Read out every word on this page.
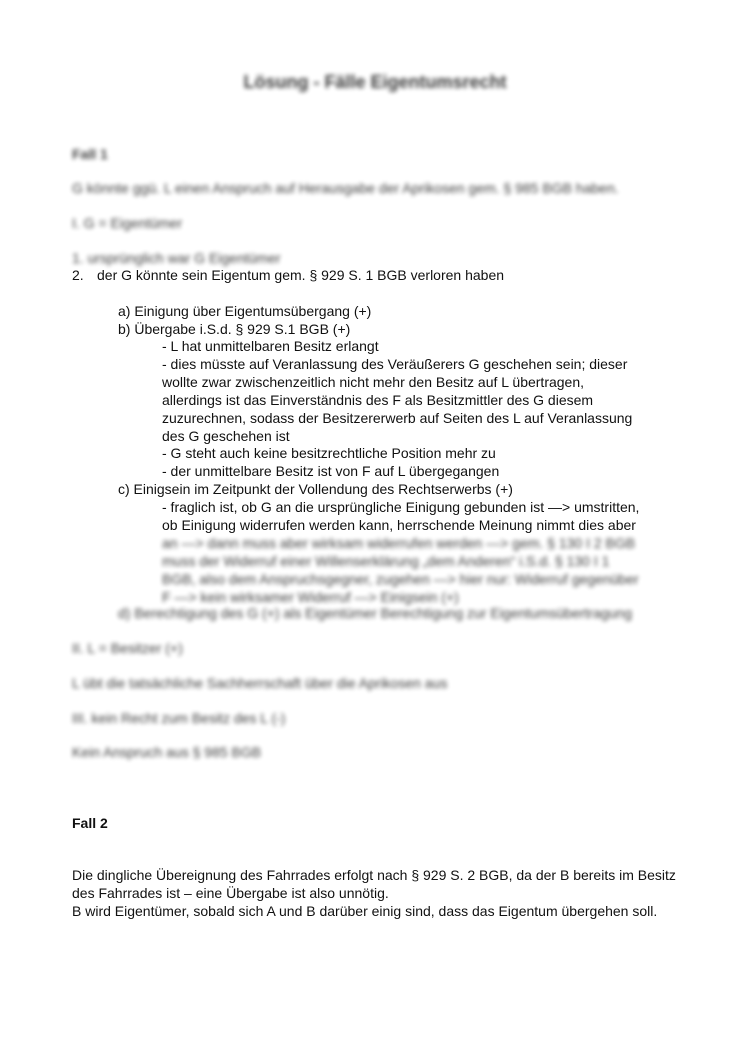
Lösung - Fälle Eigentumsrecht
Fall 1
G könnte ggü. L einen Anspruch auf Herausgabe der Aprikosen gem. § 985 BGB haben.
I. G = Eigentümer
1. ursprünglich war G Eigentümer
2. der G könnte sein Eigentum gem. § 929 S. 1 BGB verloren haben
a) Einigung über Eigentumsübergang (+)
b) Übergabe i.S.d. § 929 S.1 BGB (+)
- L hat unmittelbaren Besitz erlangt
- dies müsste auf Veranlassung des Veräußerers G geschehen sein; dieser
wollte zwar zwischenzeitlich nicht mehr den Besitz auf L übertragen,
allerdings ist das Einverständnis des F als Besitzmittler des G diesem
zuzurechnen, sodass der Besitzererwerb auf Seiten des L auf Veranlassung
des G geschehen ist
- G steht auch keine besitzrechtliche Position mehr zu
- der unmittelbare Besitz ist von F auf L übergegangen
c) Einigsein im Zeitpunkt der Vollendung des Rechtserwerbs (+)
- fraglich ist, ob G an die ursprüngliche Einigung gebunden ist —> umstritten,
ob Einigung widerrufen werden kann, herrschende Meinung nimmt dies aber
an —> dann muss aber wirksam widerrufen werden —> gem. § 130 I 2 BGB
muss der Widerruf einer Willenserklärung „dem Anderen“ i.S.d. § 130 I 1
BGB, also dem Anspruchsgegner, zugehen —> hier nur: Widerruf gegenüber
F —> kein wirksamer Widerruf —> Einigsein (+)
d) Berechtigung des G (+) als Eigentümer Berechtigung zur Eigentumsübertragung
II. L = Besitzer (+)
L übt die tatsächliche Sachherrschaft über die Aprikosen aus
III. kein Recht zum Besitz des L (-)
Kein Anspruch aus § 985 BGB
Fall 2
Die dingliche Übereignung des Fahrrades erfolgt nach § 929 S. 2 BGB, da der B bereits im Besitz des Fahrrades ist – eine Übergabe ist also unnötig.
B wird Eigentümer, sobald sich A und B darüber einig sind, dass das Eigentum übergehen soll.
